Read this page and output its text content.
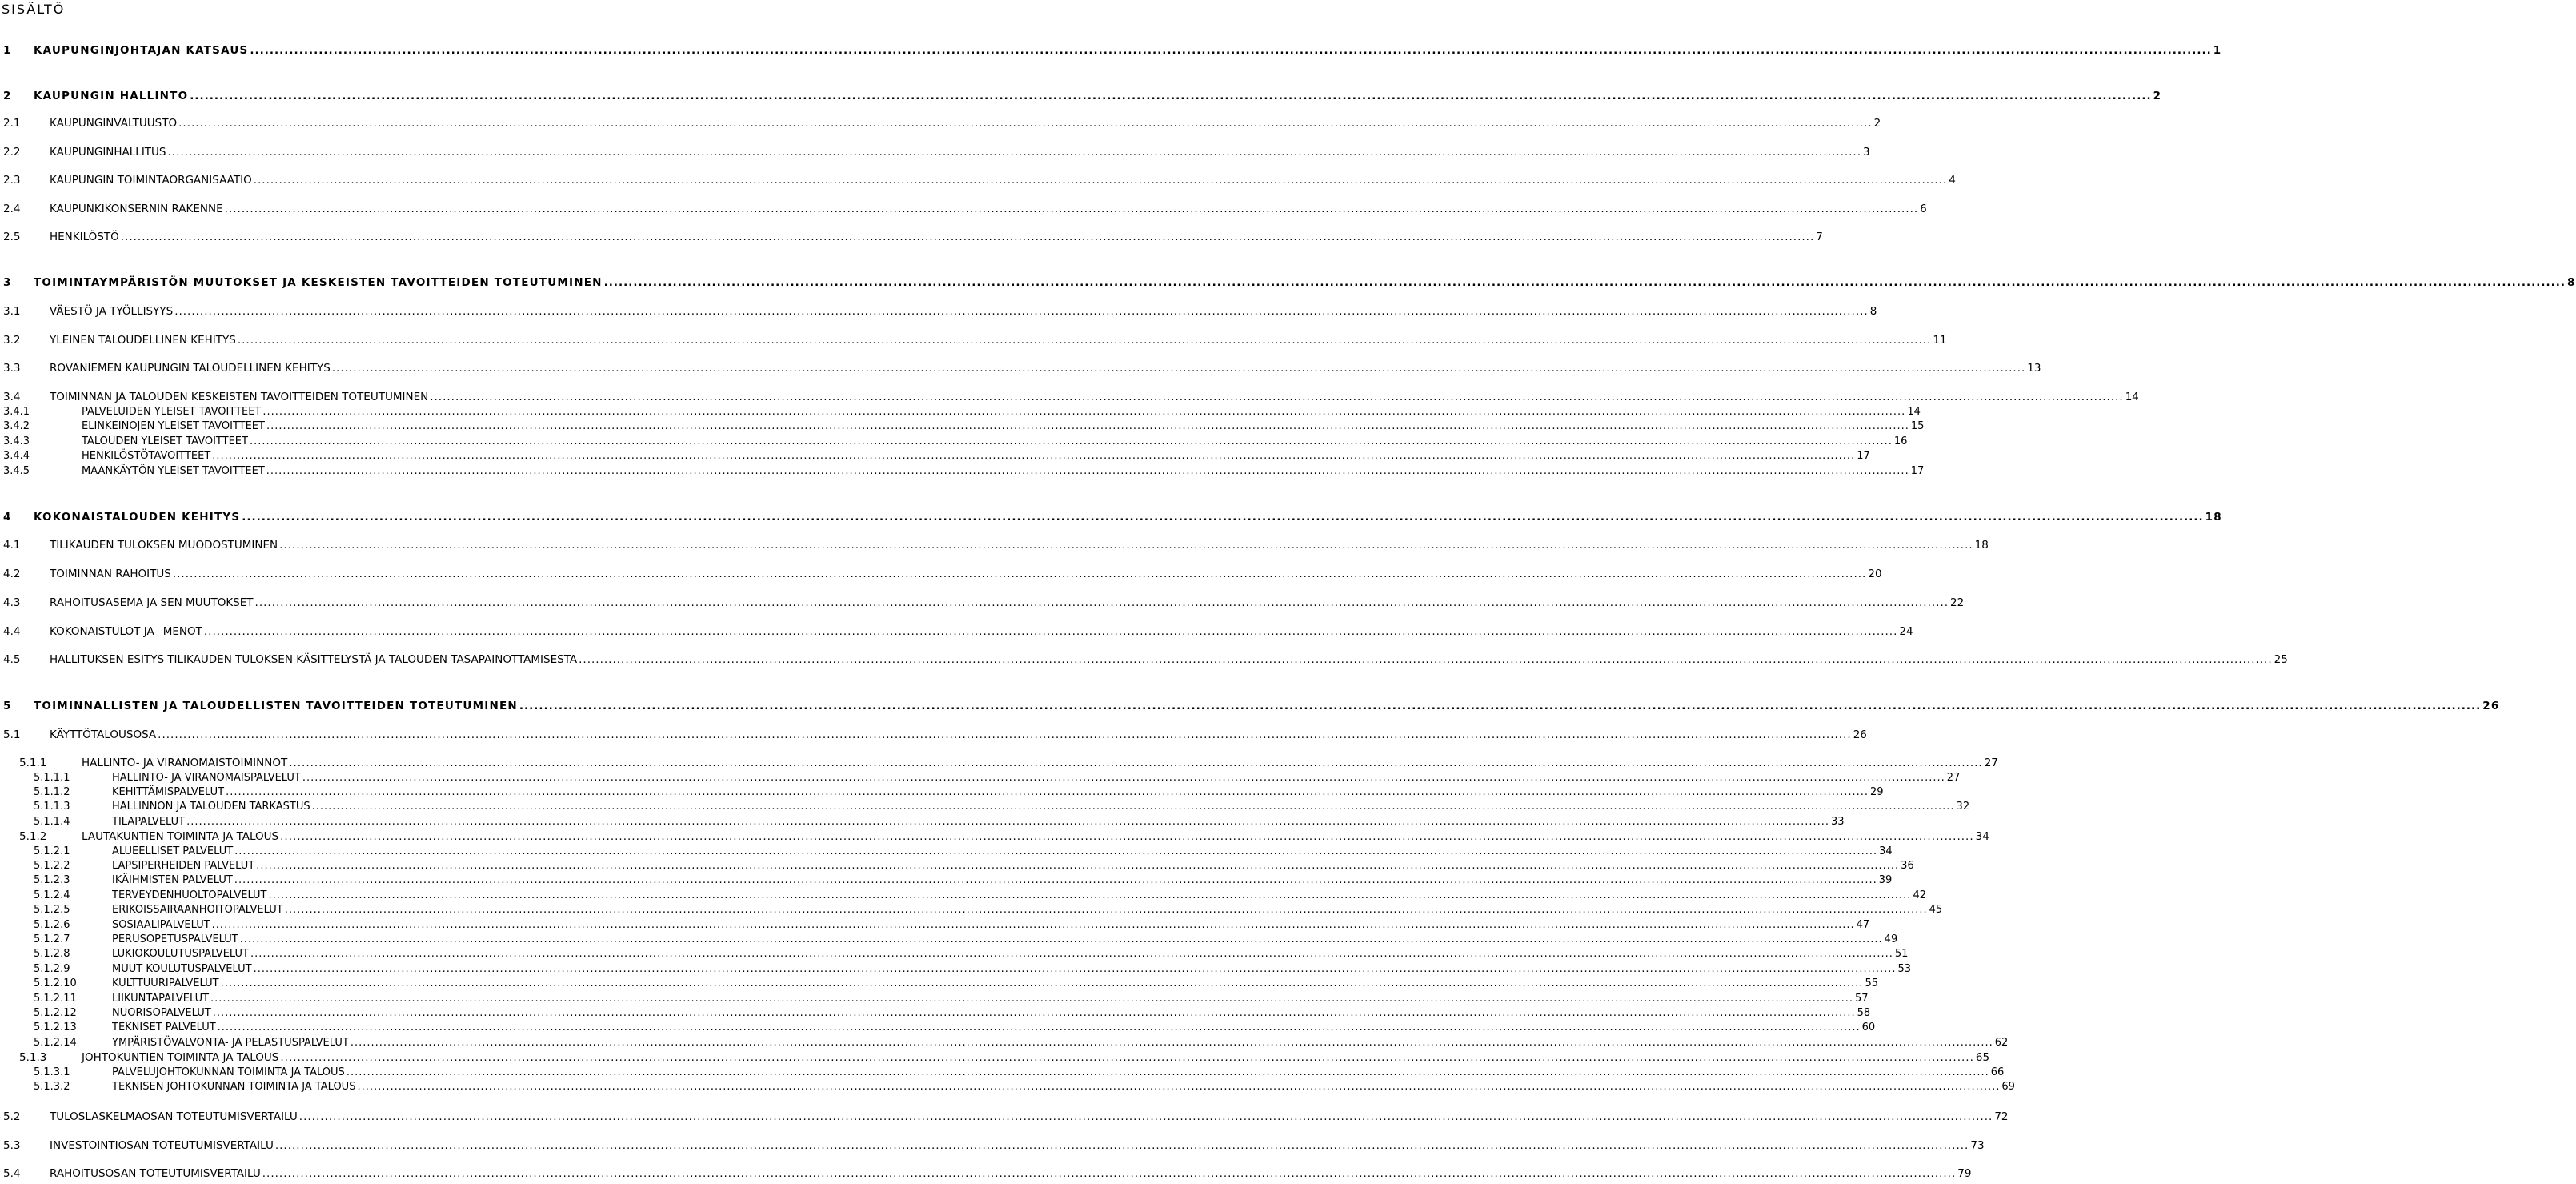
SISÄLTÖ
1 KAUPUNGINJOHTAJAN KATSAUS ................................................................................................................................................................................................................................................................................................................................................................................................................ 1
2 KAUPUNGIN HALLINTO ................................................................................................................................................................................................................................................................................................................................................................................................................ 2
2.1	KAUPUNGINVALTUUSTO ................................................................................................................................................................................................................................................................................................................................................................................................................ 2
2.2	KAUPUNGINHALLITUS ................................................................................................................................................................................................................................................................................................................................................................................................................ 3
2.3	KAUPUNGIN TOIMINTAORGANISAATIO ................................................................................................................................................................................................................................................................................................................................................................................................................ 4
2.4	KAUPUNKIKONSERNIN RAKENNE ................................................................................................................................................................................................................................................................................................................................................................................................................ 6
2.5	HENKILÖSTÖ ................................................................................................................................................................................................................................................................................................................................................................................................................ 7
3 TOIMINTAYMPÄRISTÖN MUUTOKSET JA KESKEISTEN TAVOITTEIDEN TOTEUTUMINEN ................................................................................................................................................................................................................................................................................................................................................................................................................ 8
3.1	VÄESTÖ JA TYÖLLISYYS ................................................................................................................................................................................................................................................................................................................................................................................................................ 8
3.2	YLEINEN TALOUDELLINEN KEHITYS ................................................................................................................................................................................................................................................................................................................................................................................................................ 11
3.3	ROVANIEMEN KAUPUNGIN TALOUDELLINEN KEHITYS ................................................................................................................................................................................................................................................................................................................................................................................................................ 13
3.4	TOIMINNAN JA TALOUDEN KESKEISTEN TAVOITTEIDEN TOTEUTUMINEN ................................................................................................................................................................................................................................................................................................................................................................................................................ 14
3.4.1	PALVELUIDEN YLEISET TAVOITTEET ................................................................................................................................................................................................................................................................................................................................................................................................................ 14
3.4.2	ELINKEINOJEN YLEISET TAVOITTEET ................................................................................................................................................................................................................................................................................................................................................................................................................ 15
3.4.3	TALOUDEN YLEISET TAVOITTEET ................................................................................................................................................................................................................................................................................................................................................................................................................ 16
3.4.4	HENKILÖSTÖTAVOITTEET ................................................................................................................................................................................................................................................................................................................................................................................................................ 17
3.4.5	MAANKÄYTÖN YLEISET TAVOITTEET ................................................................................................................................................................................................................................................................................................................................................................................................................ 17
4 KOKONAISTALOUDEN KEHITYS ................................................................................................................................................................................................................................................................................................................................................................................................................ 18
4.1	TILIKAUDEN TULOKSEN MUODOSTUMINEN ................................................................................................................................................................................................................................................................................................................................................................................................................ 18
4.2	TOIMINNAN RAHOITUS ................................................................................................................................................................................................................................................................................................................................................................................................................ 20
4.3	RAHOITUSASEMA JA SEN MUUTOKSET ................................................................................................................................................................................................................................................................................................................................................................................................................ 22
4.4	KOKONAISTULOT JA –MENOT ................................................................................................................................................................................................................................................................................................................................................................................................................ 24
4.5	HALLITUKSEN ESITYS TILIKAUDEN TULOKSEN KÄSITTELYSTÄ JA TALOUDEN TASAPAINOTTAMISESTA ................................................................................................................................................................................................................................................................................................................................................................................................................ 25
5 TOIMINNALLISTEN JA TALOUDELLISTEN TAVOITTEIDEN TOTEUTUMINEN ................................................................................................................................................................................................................................................................................................................................................................................................................ 26
5.1	KÄYTTÖTALOUSOSA ................................................................................................................................................................................................................................................................................................................................................................................................................ 26
5.1.1	HALLINTO- JA VIRANOMAISTOIMINNOT ................................................................................................................................................................................................................................................................................................................................................................................................................ 27
5.1.1.1	HALLINTO- JA VIRANOMAISPALVELUT ................................................................................................................................................................................................................................................................................................................................................................................................................ 27
5.1.1.2	KEHITTÄMISPALVELUT ................................................................................................................................................................................................................................................................................................................................................................................................................ 29
5.1.1.3	HALLINNON JA TALOUDEN TARKASTUS ................................................................................................................................................................................................................................................................................................................................................................................................................ 32
5.1.1.4	TILAPALVELUT ................................................................................................................................................................................................................................................................................................................................................................................................................ 33
5.1.2	LAUTAKUNTIEN TOIMINTA JA TALOUS ................................................................................................................................................................................................................................................................................................................................................................................................................ 34
5.1.2.1	ALUEELLISET PALVELUT ................................................................................................................................................................................................................................................................................................................................................................................................................ 34
5.1.2.2	LAPSIPERHEIDEN PALVELUT ................................................................................................................................................................................................................................................................................................................................................................................................................ 36
5.1.2.3	IKÄIHMISTEN PALVELUT ................................................................................................................................................................................................................................................................................................................................................................................................................ 39
5.1.2.4	TERVEYDENHUOLTOPALVELUT ................................................................................................................................................................................................................................................................................................................................................................................................................ 42
5.1.2.5	ERIKOISSAIRAANHOITOPALVELUT ................................................................................................................................................................................................................................................................................................................................................................................................................ 45
5.1.2.6	SOSIAALIPALVELUT ................................................................................................................................................................................................................................................................................................................................................................................................................ 47
5.1.2.7	PERUSOPETUSPALVELUT ................................................................................................................................................................................................................................................................................................................................................................................................................ 49
5.1.2.8	LUKIOKOULUTUSPALVELUT ................................................................................................................................................................................................................................................................................................................................................................................................................ 51
5.1.2.9	MUUT KOULUTUSPALVELUT ................................................................................................................................................................................................................................................................................................................................................................................................................ 53
5.1.2.10	KULTTUURIPALVELUT ................................................................................................................................................................................................................................................................................................................................................................................................................ 55
5.1.2.11	LIIKUNTAPALVELUT ................................................................................................................................................................................................................................................................................................................................................................................................................ 57
5.1.2.12	NUORISOPALVELUT ................................................................................................................................................................................................................................................................................................................................................................................................................ 58
5.1.2.13	TEKNISET PALVELUT ................................................................................................................................................................................................................................................................................................................................................................................................................ 60
5.1.2.14	YMPÄRISTÖVALVONTA- JA PELASTUSPALVELUT ................................................................................................................................................................................................................................................................................................................................................................................................................ 62
5.1.3	JOHTOKUNTIEN TOIMINTA JA TALOUS ................................................................................................................................................................................................................................................................................................................................................................................................................ 65
5.1.3.1	PALVELUJOHTOKUNNAN TOIMINTA JA TALOUS ................................................................................................................................................................................................................................................................................................................................................................................................................ 66
5.1.3.2	TEKNISEN JOHTOKUNNAN TOIMINTA JA TALOUS ................................................................................................................................................................................................................................................................................................................................................................................................................ 69
5.2	TULOSLASKELMAOSAN TOTEUTUMISVERTAILU ................................................................................................................................................................................................................................................................................................................................................................................................................ 72
5.3	INVESTOINTIOSAN TOTEUTUMISVERTAILU ................................................................................................................................................................................................................................................................................................................................................................................................................ 73
5.4	RAHOITUSOSAN TOTEUTUMISVERTAILU ................................................................................................................................................................................................................................................................................................................................................................................................................ 79
